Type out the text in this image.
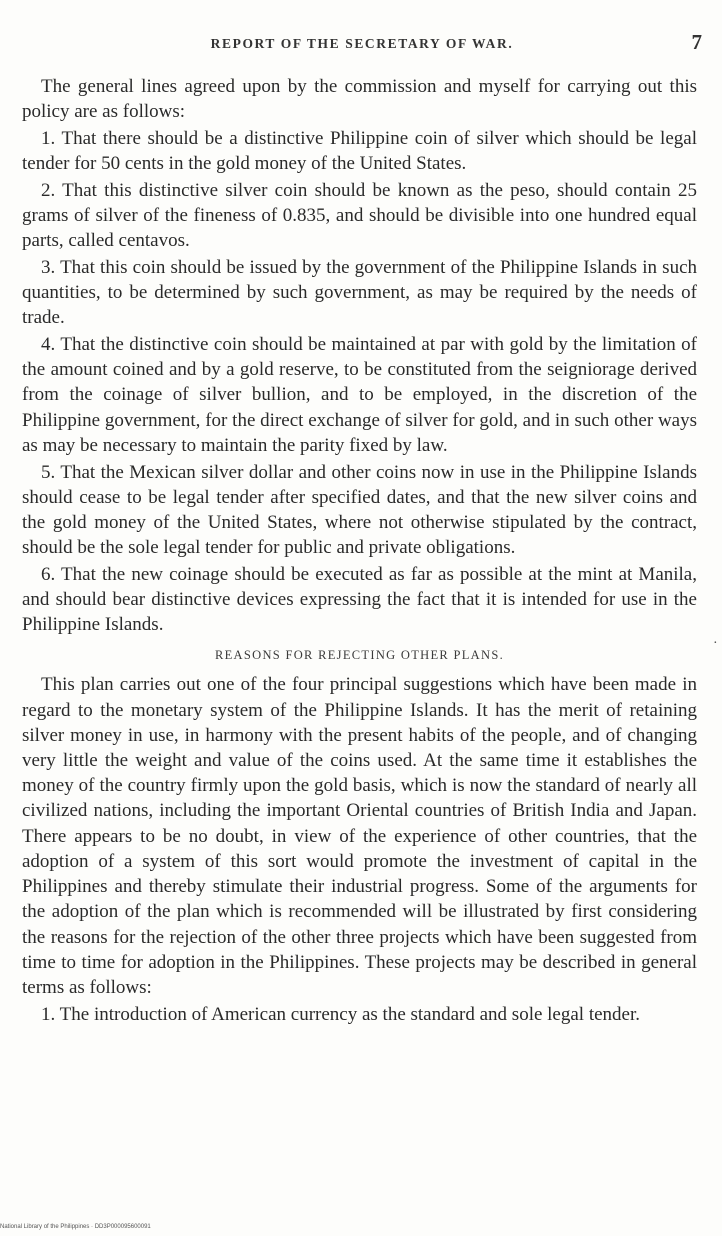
REPORT OF THE SECRETARY OF WAR.	7

The general lines agreed upon by the commission and myself for carrying out this policy are as follows:

1. That there should be a distinctive Philippine coin of silver which should be legal tender for 50 cents in the gold money of the United States.

2. That this distinctive silver coin should be known as the peso, should contain 25 grams of silver of the fineness of 0.835, and should be divisible into one hundred equal parts, called centavos.

3. That this coin should be issued by the government of the Philippine Islands in such quantities, to be determined by such government, as may be required by the needs of trade.

4. That the distinctive coin should be maintained at par with gold by the limitation of the amount coined and by a gold reserve, to be constituted from the seigniorage derived from the coinage of silver bullion, and to be employed, in the discretion of the Philippine government, for the direct exchange of silver for gold, and in such other ways as may be necessary to maintain the parity fixed by law.

5. That the Mexican silver dollar and other coins now in use in the Philippine Islands should cease to be legal tender after specified dates, and that the new silver coins and the gold money of the United States, where not otherwise stipulated by the contract, should be the sole legal tender for public and private obligations.

6. That the new coinage should be executed as far as possible at the mint at Manila, and should bear distinctive devices expressing the fact that it is intended for use in the Philippine Islands.

REASONS FOR REJECTING OTHER PLANS.

This plan carries out one of the four principal suggestions which have been made in regard to the monetary system of the Philippine Islands. It has the merit of retaining silver money in use, in harmony with the present habits of the people, and of changing very little the weight and value of the coins used. At the same time it establishes the money of the country firmly upon the gold basis, which is now the standard of nearly all civilized nations, including the important Oriental countries of British India and Japan. There appears to be no doubt, in view of the experience of other countries, that the adoption of a system of this sort would promote the investment of capital in the Philippines and thereby stimulate their industrial progress. Some of the arguments for the adoption of the plan which is recommended will be illustrated by first considering the reasons for the rejection of the other three projects which have been suggested from time to time for adoption in the Philippines. These projects may be described in general terms as follows:

1. The introduction of American currency as the standard and sole legal tender.

·
National Library of the Philippines · DD3P000095600091
